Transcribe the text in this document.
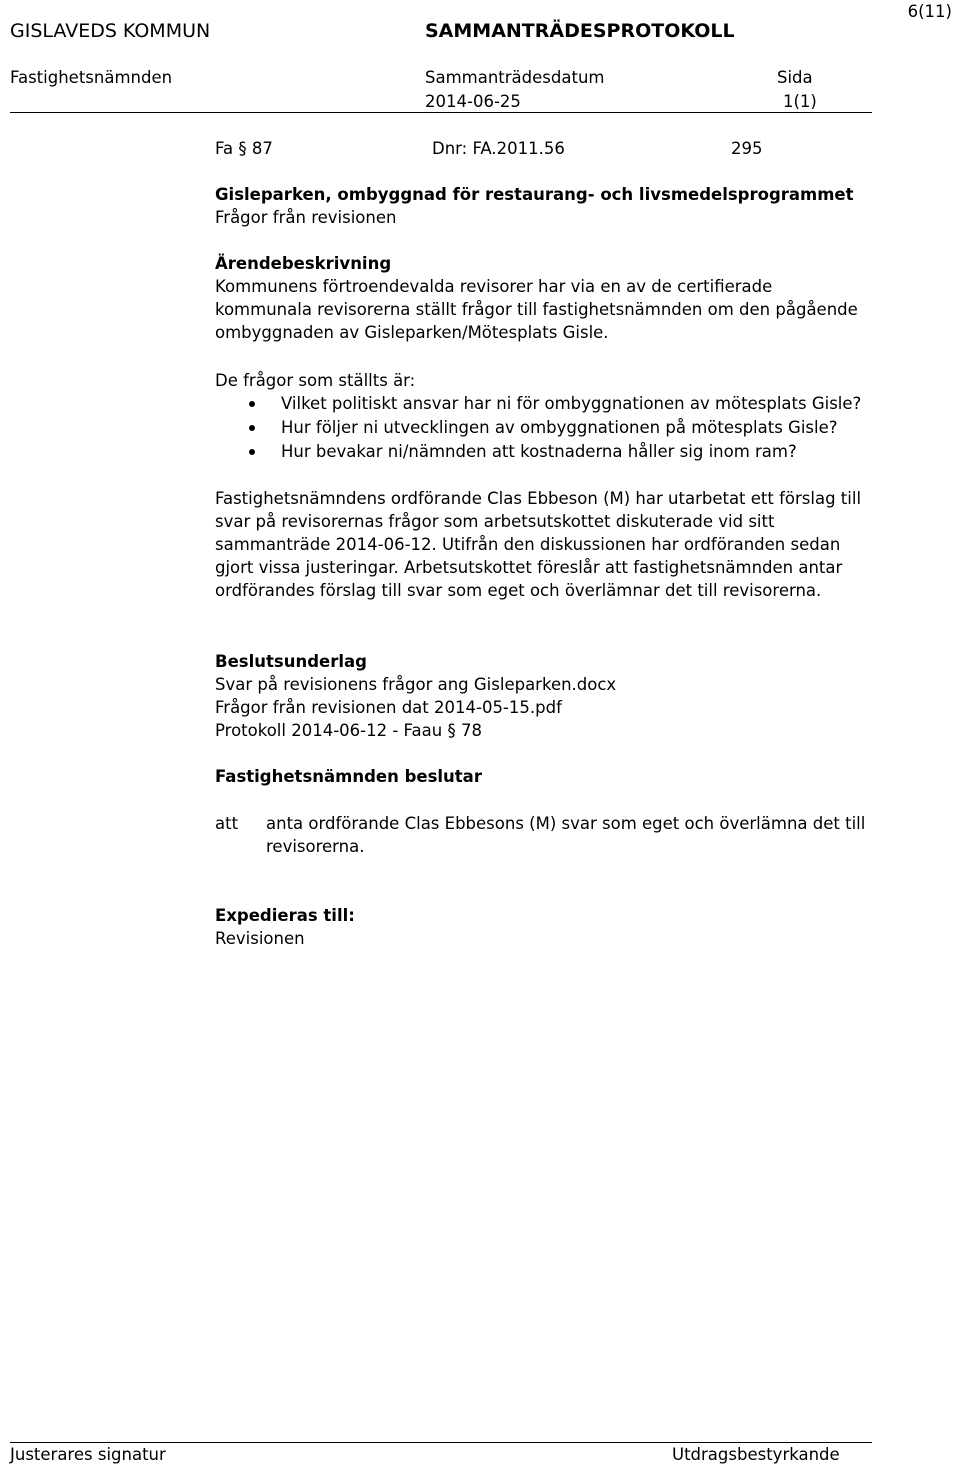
6(11)
GISLAVEDS KOMMUN	SAMMANTRÄDESPROTOKOLL
Fastighetsnämnden	Sammanträdesdatum	Sida
2014-06-25	1(1)
Fa § 87	Dnr: FA.2011.56	295
Gisleparken, ombyggnad för restaurang- och livsmedelsprogrammet
Frågor från revisionen
Ärendebeskrivning
Kommunens förtroendevalda revisorer har via en av de certifierade
kommunala revisorerna ställt frågor till fastighetsnämnden om den pågående
ombyggnaden av Gisleparken/Mötesplats Gisle.
De frågor som ställts är:
Vilket politiskt ansvar har ni för ombyggnationen av mötesplats Gisle?
Hur följer ni utvecklingen av ombyggnationen på mötesplats Gisle?
Hur bevakar ni/nämnden att kostnaderna håller sig inom ram?
Fastighetsnämndens ordförande Clas Ebbeson (M) har utarbetat ett förslag till
svar på revisorernas frågor som arbetsutskottet diskuterade vid sitt
sammanträde 2014-06-12. Utifrån den diskussionen har ordföranden sedan
gjort vissa justeringar. Arbetsutskottet föreslår att fastighetsnämnden antar
ordförandes förslag till svar som eget och överlämnar det till revisorerna.
Beslutsunderlag
Svar på revisionens frågor ang Gisleparken.docx
Frågor från revisionen dat 2014-05-15.pdf
Protokoll 2014-06-12 - Faau § 78
Fastighetsnämnden beslutar
att anta ordförande Clas Ebbesons (M) svar som eget och överlämna det till
revisorerna.
Expedieras till:
Revisionen
Justerares signatur	Utdragsbestyrkande
